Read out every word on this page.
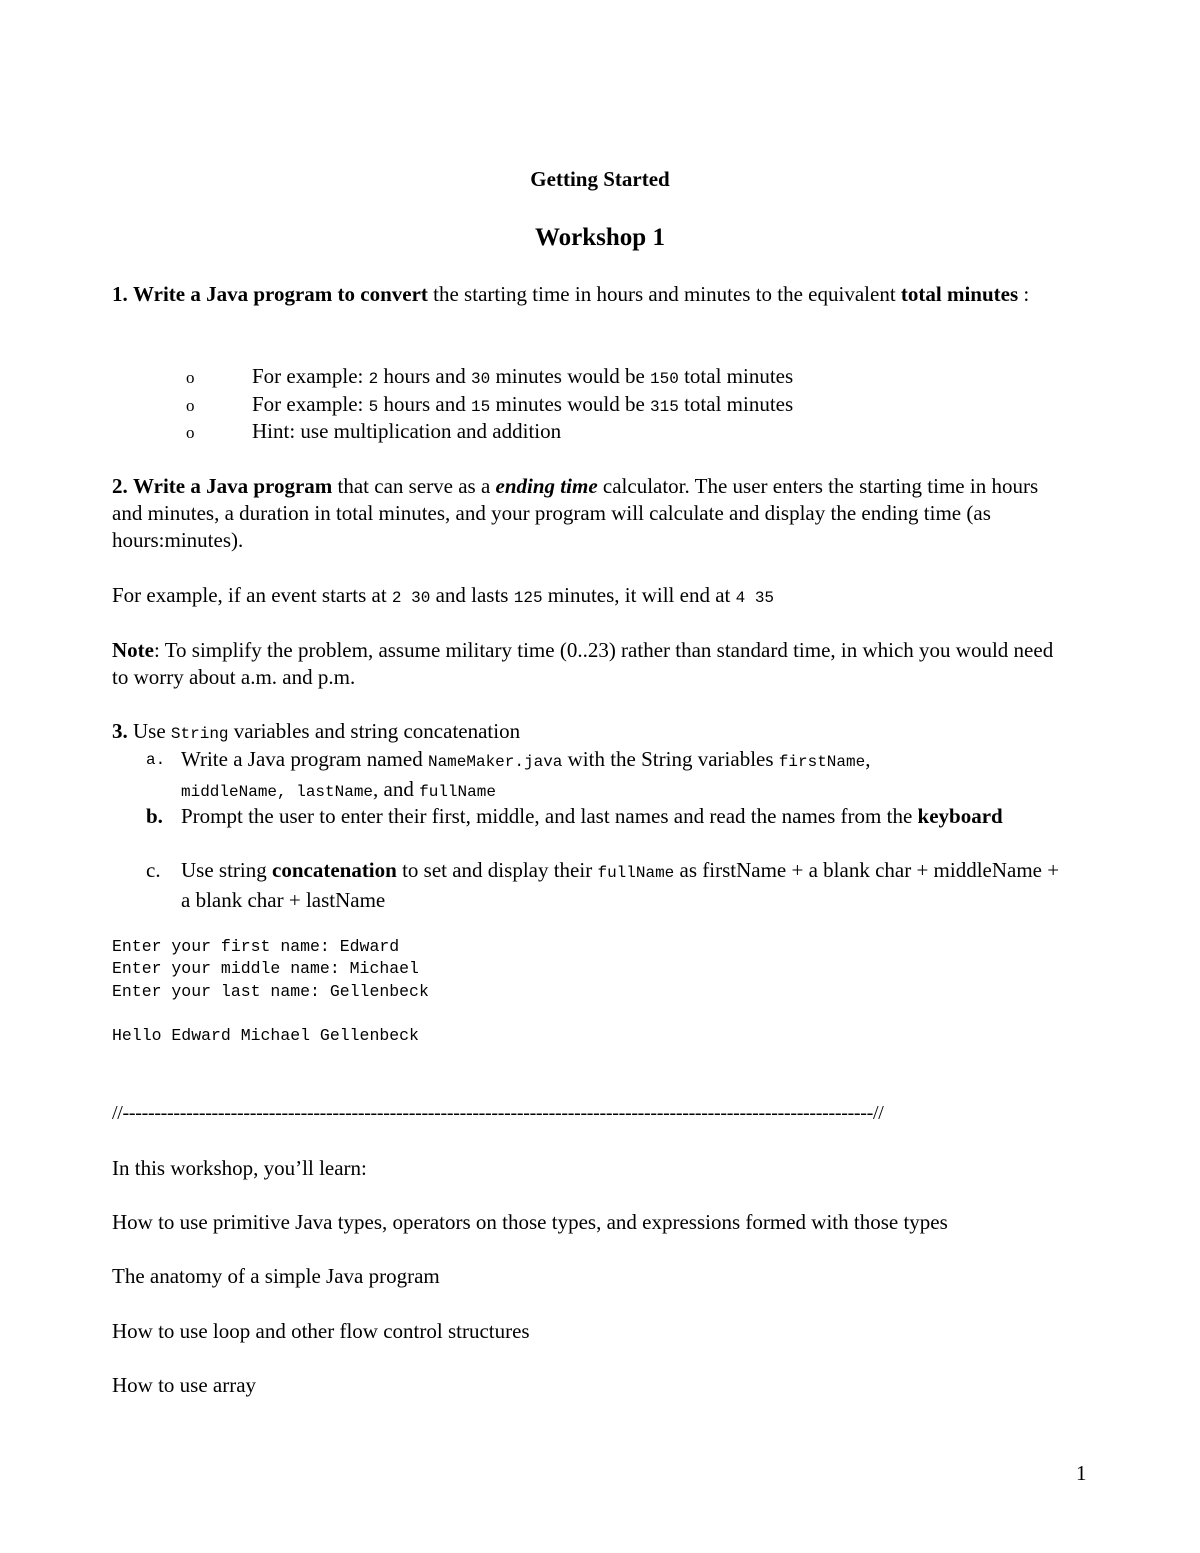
Getting Started
Workshop 1
1. Write a Java program to convert the starting time in hours and minutes to the equivalent total minutes :
o	For example: 2 hours and 30 minutes would be 150 total minutes
o	For example: 5 hours and 15 minutes would be 315 total minutes
o	Hint: use multiplication and addition
2. Write a Java program that can serve as a ending time calculator. The user enters the starting time in hours and minutes, a duration in total minutes, and your program will calculate and display the ending time (as hours:minutes).
For example, if an event starts at 2 30 and lasts 125 minutes, it will end at 4 35
Note: To simplify the problem, assume military time (0..23) rather than standard time, in which you would need to worry about a.m. and p.m.
3. Use String variables and string concatenation
a. Write a Java program named NameMaker.java with the String variables firstName,
middleName, lastName, and fullName
b. Prompt the user to enter their first, middle, and last names and read the names from the keyboard
c. Use string concatenation to set and display their fullName as firstName + a blank char + middleName + a blank char + lastName
Enter your first name: Edward
Enter your middle name: Michael
Enter your last name: Gellenbeck
Hello Edward Michael Gellenbeck
//----------------------------------------------------------------------------------------------------------------------//
In this workshop, you’ll learn:
How to use primitive Java types, operators on those types, and expressions formed with those types
The anatomy of a simple Java program
How to use loop and other flow control structures
How to use array
1
